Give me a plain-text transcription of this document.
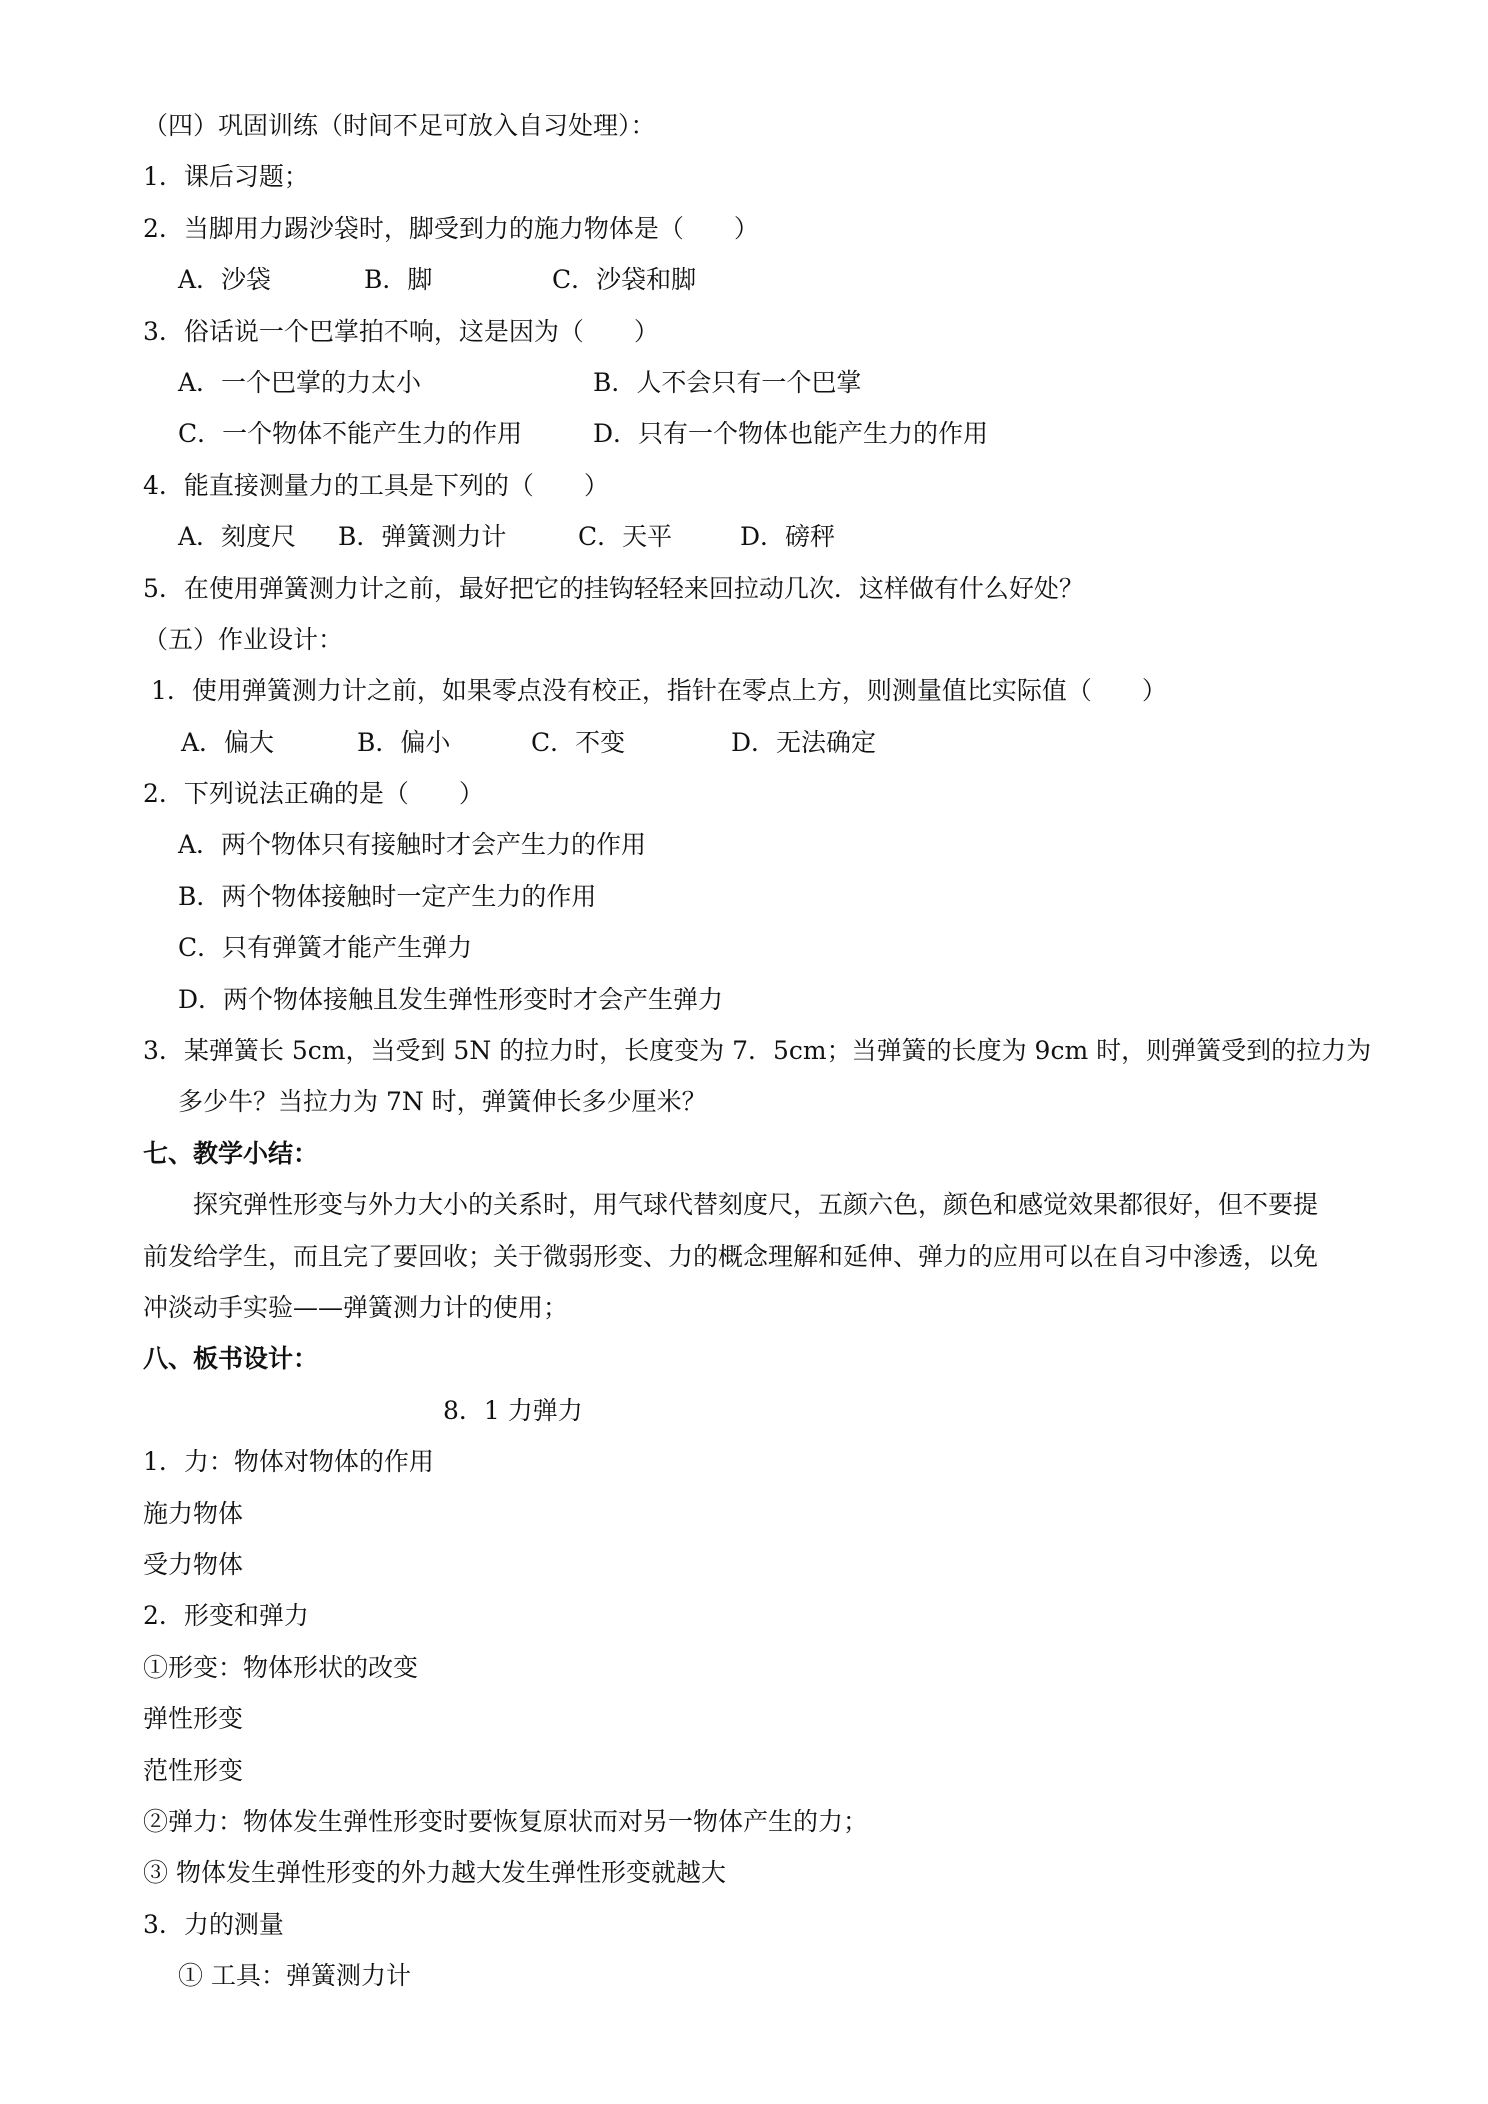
（四）巩固训练（时间不足可放入自习处理）：
1．课后习题；
2．当脚用力踢沙袋时，脚受到力的施力物体是（　　）
A．沙袋	B．脚	C．沙袋和脚
3．俗话说一个巴掌拍不响，这是因为（　　）
A．一个巴掌的力太小	B．人不会只有一个巴掌
C．一个物体不能产生力的作用	D．只有一个物体也能产生力的作用
4．能直接测量力的工具是下列的（　　）
A．刻度尺	B．弹簧测力计	C．天平	D．磅秤
5．在使用弹簧测力计之前，最好把它的挂钩轻轻来回拉动几次．这样做有什么好处？
（五）作业设计：
1．使用弹簧测力计之前，如果零点没有校正，指针在零点上方，则测量值比实际值（　　）
A．偏大	B．偏小	C．不变	D．无法确定
2．下列说法正确的是（　　）
A．两个物体只有接触时才会产生力的作用
B．两个物体接触时一定产生力的作用
C．只有弹簧才能产生弹力
D．两个物体接触且发生弹性形变时才会产生弹力
3．某弹簧长 5cm，当受到 5N 的拉力时，长度变为 7．5cm；当弹簧的长度为 9cm 时，则弹簧受到的拉力为
多少牛？当拉力为 7N 时，弹簧伸长多少厘米？
七、教学小结：
探究弹性形变与外力大小的关系时，用气球代替刻度尺，五颜六色，颜色和感觉效果都很好，但不要提
前发给学生，而且完了要回收；关于微弱形变、力的概念理解和延伸、弹力的应用可以在自习中渗透，以免
冲淡动手实验——弹簧测力计的使用；
八、板书设计：
8．1 力弹力
1．力：物体对物体的作用
施力物体
受力物体
2．形变和弹力
①形变：物体形状的改变
弹性形变
范性形变
②弹力：物体发生弹性形变时要恢复原状而对另一物体产生的力；
③ 物体发生弹性形变的外力越大发生弹性形变就越大
3．力的测量
① 工具：弹簧测力计
